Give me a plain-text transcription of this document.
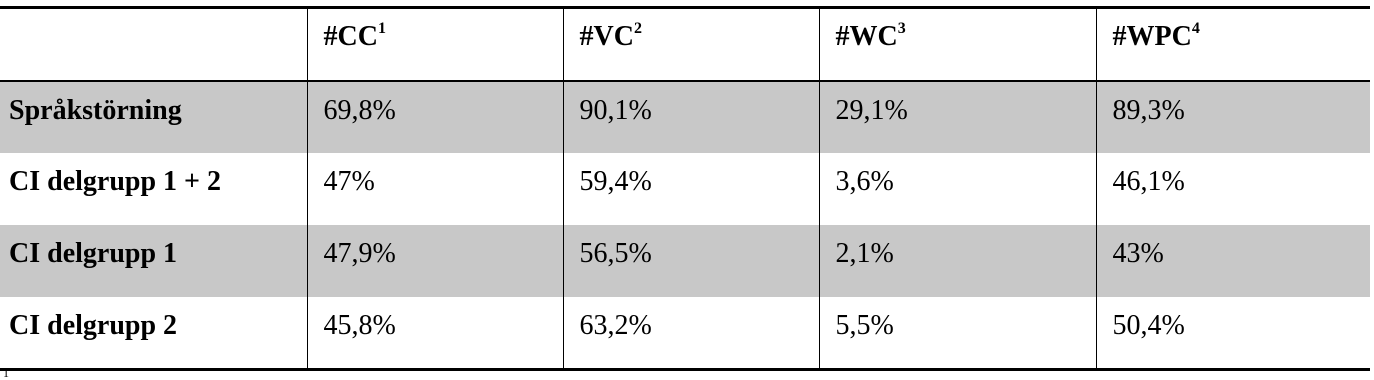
	#CC$^1$	#VC$^2$	#WC$^3$	#WPC$^4$
Språkstörning	69,8%	90,1%	29,1%	89,3%
CI delgrupp 1 + 2	47%	59,4%	3,6%	46,1%
CI delgrupp 1	47,9%	56,5%	2,1%	43%
CI delgrupp 2	45,8%	63,2%	5,5%	50,4%
1
